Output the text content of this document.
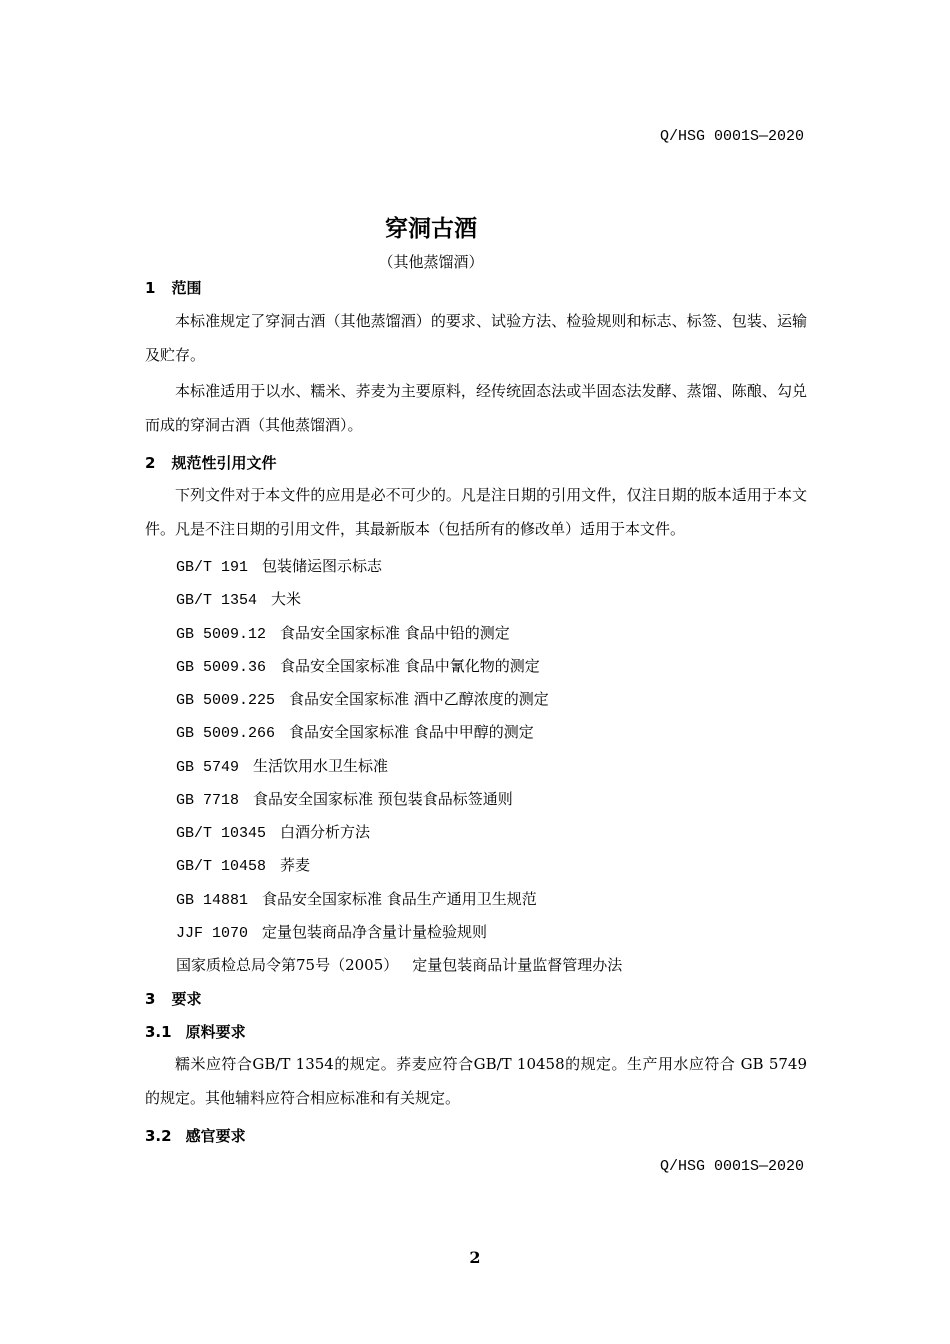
Q/HSG 0001S—2020
穿洞古酒
（其他蒸馏酒）
1 范围
本标准规定了穿洞古酒（其他蒸馏酒）的要求、试验方法、检验规则和标志、标签、包装、运输及贮存。
本标准适用于以水、糯米、荞麦为主要原料，经传统固态法或半固态法发酵、蒸馏、陈酿、勾兑而成的穿洞古酒（其他蒸馏酒）。
2 规范性引用文件
下列文件对于本文件的应用是必不可少的。凡是注日期的引用文件，仅注日期的版本适用于本文件。凡是不注日期的引用文件，其最新版本（包括所有的修改单）适用于本文件。
GB/T 191 包装储运图示标志
GB/T 1354 大米
GB 5009.12 食品安全国家标准 食品中铅的测定
GB 5009.36 食品安全国家标准 食品中氰化物的测定
GB 5009.225 食品安全国家标准 酒中乙醇浓度的测定
GB 5009.266 食品安全国家标准 食品中甲醇的测定
GB 5749 生活饮用水卫生标准
GB 7718 食品安全国家标准 预包装食品标签通则
GB/T 10345 白酒分析方法
GB/T 10458 荞麦
GB 14881 食品安全国家标准 食品生产通用卫生规范
JJF 1070 定量包装商品净含量计量检验规则
国家质检总局令第75号（2005） 定量包装商品计量监督管理办法
3 要求
3.1 原料要求
糯米应符合GB/T 1354的规定。荞麦应符合GB/T 10458的规定。生产用水应符合 GB 5749的规定。其他辅料应符合相应标准和有关规定。
3.2 感官要求
Q/HSG 0001S—2020
2
